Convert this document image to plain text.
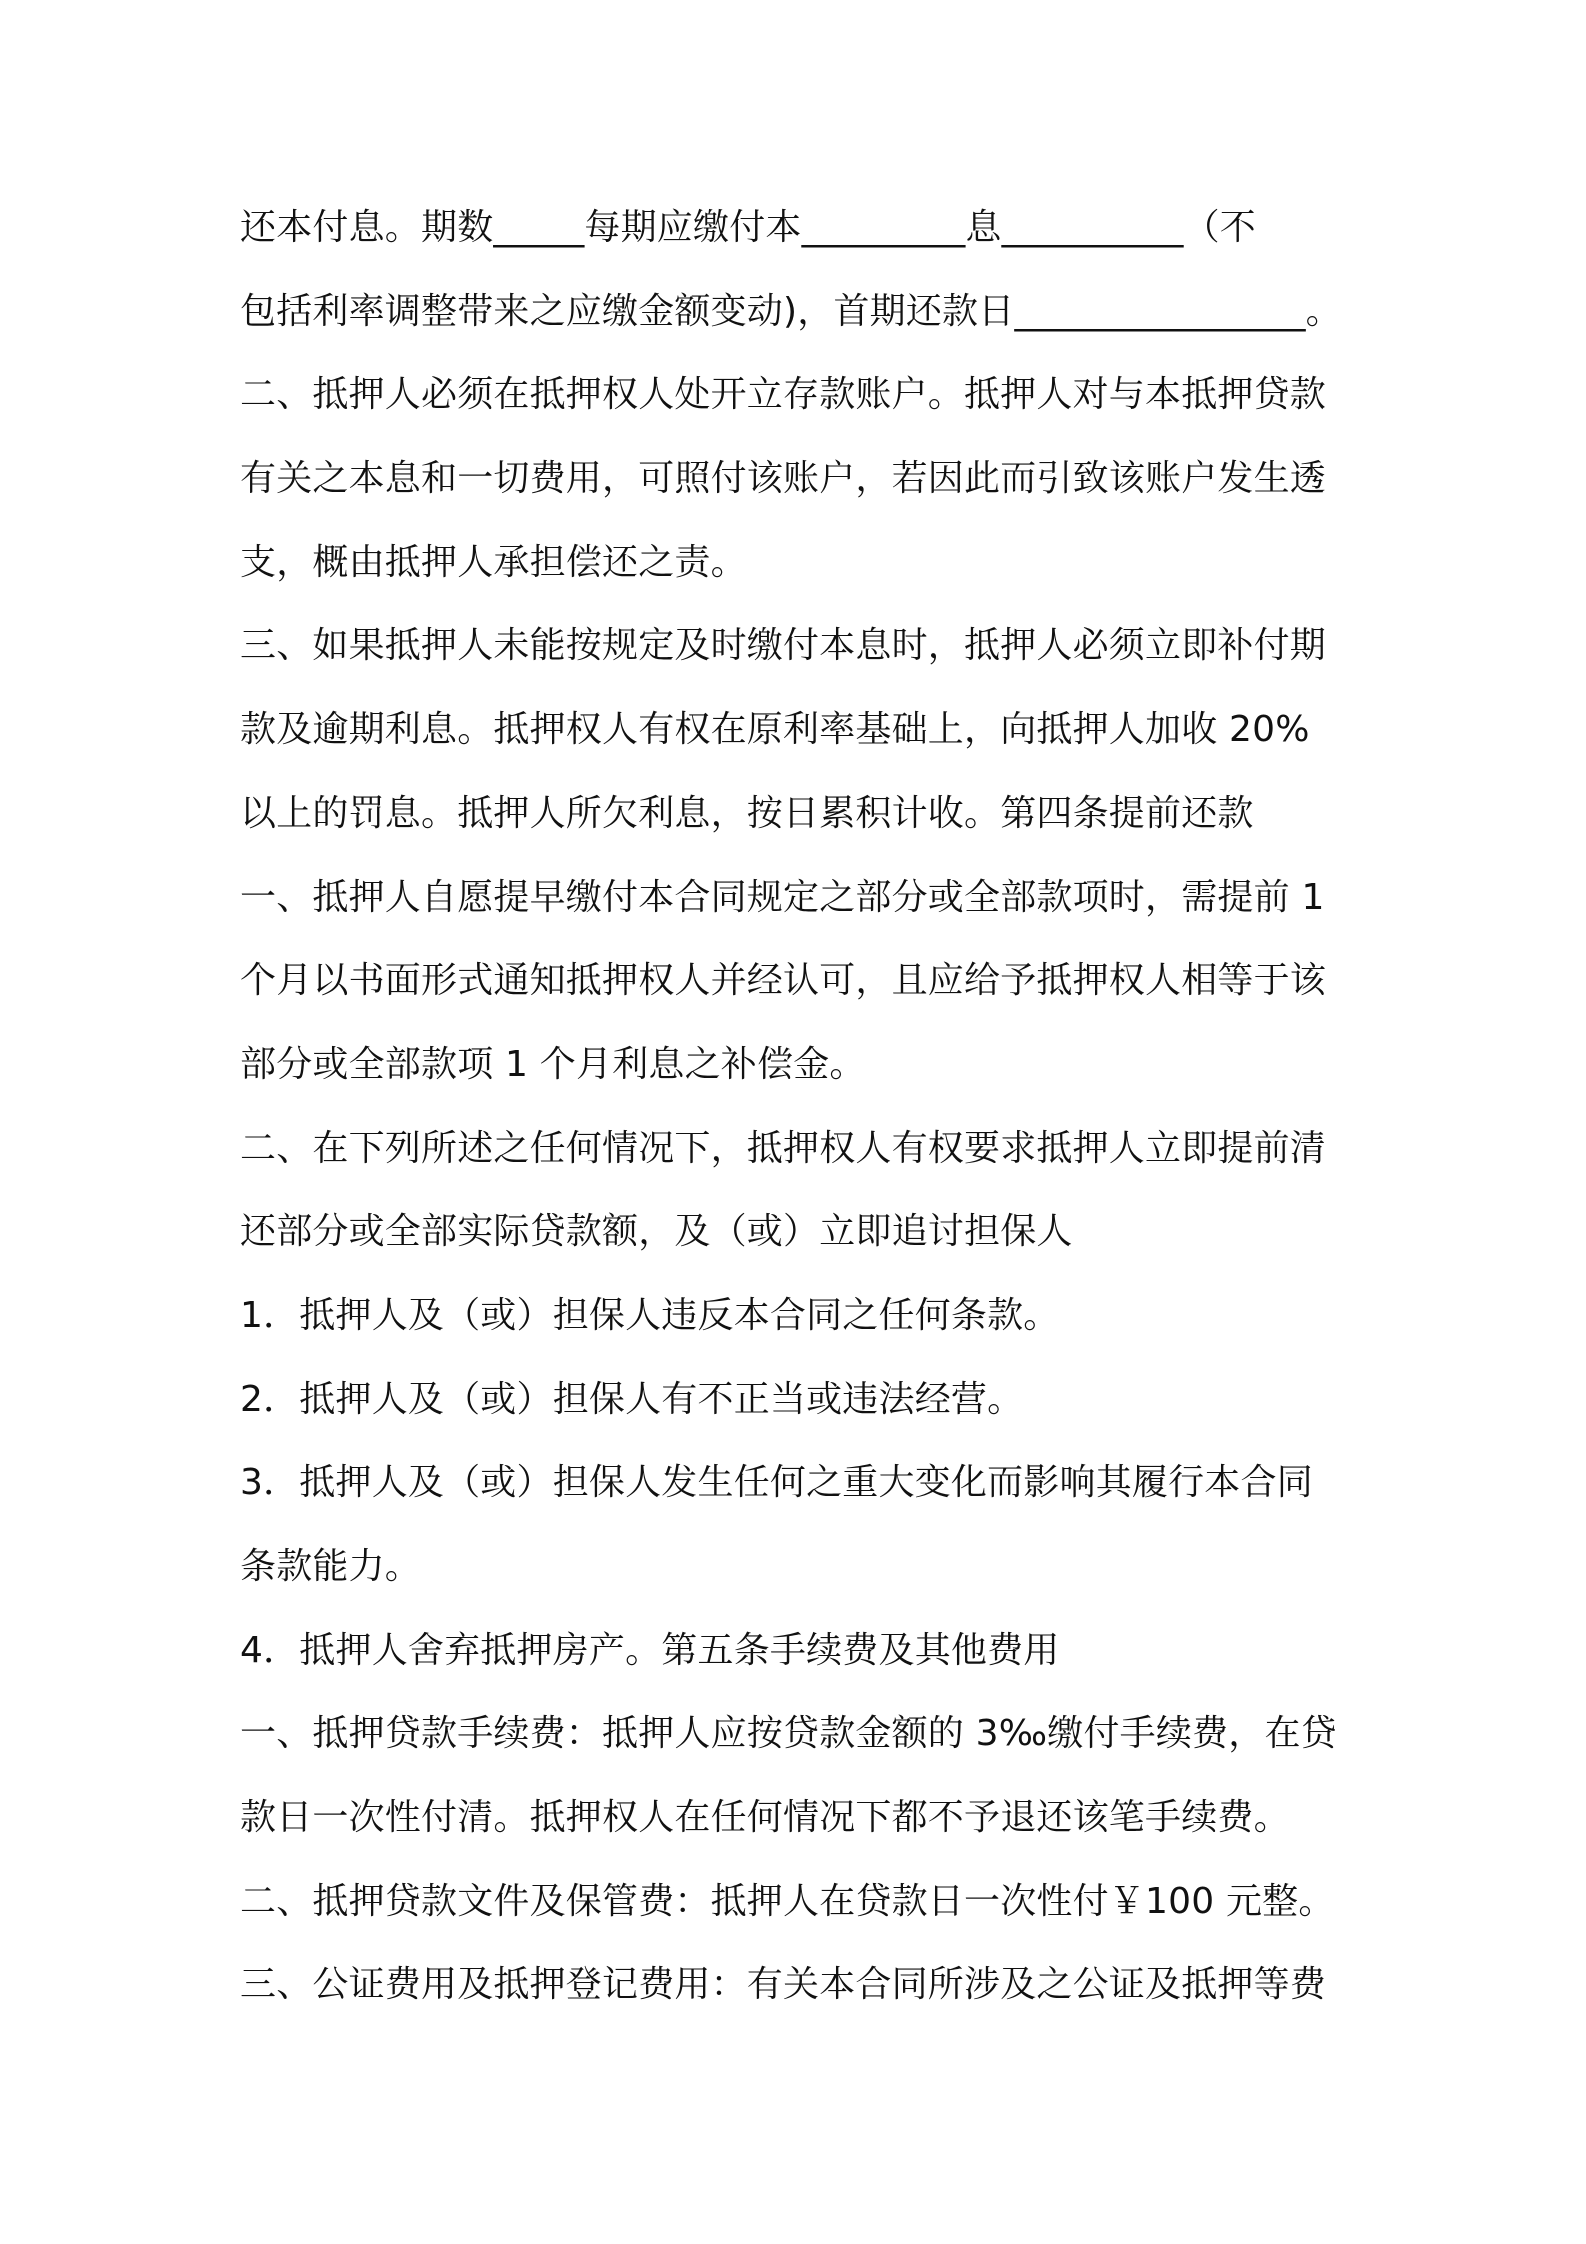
还本付息。期数_____每期应缴付本_________息__________（不
包括利率调整带来之应缴金额变动)，首期还款日________________。
二、抵押人必须在抵押权人处开立存款账户。抵押人对与本抵押贷款
有关之本息和一切费用，可照付该账户，若因此而引致该账户发生透
支，概由抵押人承担偿还之责。
三、如果抵押人未能按规定及时缴付本息时，抵押人必须立即补付期
款及逾期利息。抵押权人有权在原利率基础上，向抵押人加收 20%
以上的罚息。抵押人所欠利息，按日累积计收。第四条提前还款
一、抵押人自愿提早缴付本合同规定之部分或全部款项时，需提前 1
个月以书面形式通知抵押权人并经认可，且应给予抵押权人相等于该
部分或全部款项 1 个月利息之补偿金。
二、在下列所述之任何情况下，抵押权人有权要求抵押人立即提前清
还部分或全部实际贷款额，及（或）立即追讨担保人
1．抵押人及（或）担保人违反本合同之任何条款。
2．抵押人及（或）担保人有不正当或违法经营。
3．抵押人及（或）担保人发生任何之重大变化而影响其履行本合同
条款能力。
4．抵押人舍弃抵押房产。第五条手续费及其他费用
一、抵押贷款手续费：抵押人应按贷款金额的 3‰缴付手续费，在贷
款日一次性付清。抵押权人在任何情况下都不予退还该笔手续费。
二、抵押贷款文件及保管费：抵押人在贷款日一次性付￥100 元整。
三、公证费用及抵押登记费用：有关本合同所涉及之公证及抵押等费
